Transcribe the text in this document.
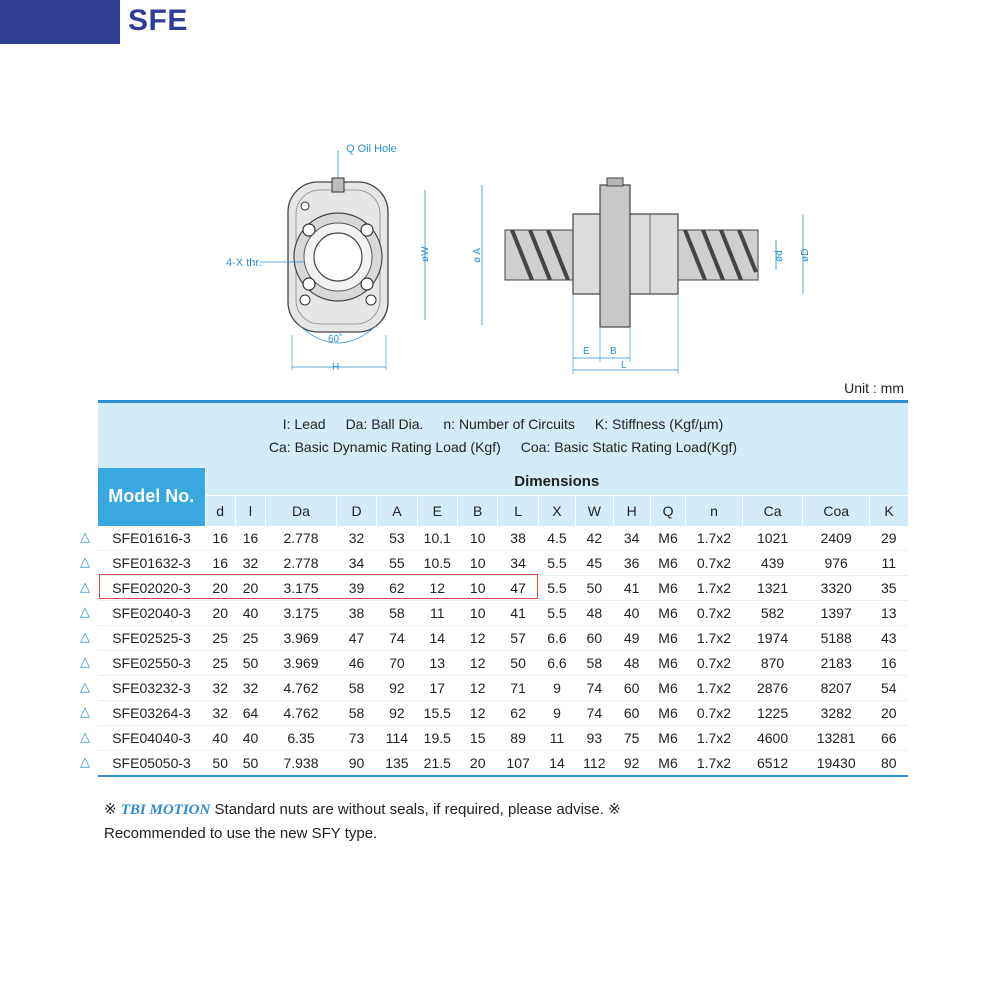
SFE
Q Oil Hole
4-X thr.
øW
60˚
H
ø A	ød øD
E B
L
Unit : mm
I: Lead Da: Ball Dia. n: Number of Circuits K: Stiffness (Kgf/µm)
Ca: Basic Dynamic Rating Load (Kgf) Coa: Basic Static Rating Load(Kgf)																

Model No.	Dimensions															
	d	l	Da	D	A	E	B	L	X	W	H	Q	n	Ca	Coa	K
SFE01616-3	16	16	2.778	32	53	10.1	10	38	4.5	42	34	M6	1.7x2	1021	2409	29
SFE01632-3	16	32	2.778	34	55	10.5	10	34	5.5	45	36	M6	0.7x2	439	976	11
SFE02020-3	20	20	3.175	39	62	12	10	47	5.5	50	41	M6	1.7x2	1321	3320	35
SFE02040-3	20	40	3.175	38	58	11	10	41	5.5	48	40	M6	0.7x2	582	1397	13
SFE02525-3	25	25	3.969	47	74	14	12	57	6.6	60	49	M6	1.7x2	1974	5188	43
SFE02550-3	25	50	3.969	46	70	13	12	50	6.6	58	48	M6	0.7x2	870	2183	16
SFE03232-3	32	32	4.762	58	92	17	12	71	9	74	60	M6	1.7x2	2876	8207	54
SFE03264-3	32	64	4.762	58	92	15.5	12	62	9	74	60	M6	0.7x2	1225	3282	20
SFE04040-3	40	40	6.35	73	114	19.5	15	89	11	93	75	M6	1.7x2	4600	13281	66
SFE05050-3	50	50	7.938	90	135	21.5	20	107	14	112	92	M6	1.7x2	6512	19430	80
△
△
△
△
△
△
△
△
△
△
※ TBI MOTION Standard nuts are without seals, if required, please advise. ※
Recommended to use the new SFY type.
